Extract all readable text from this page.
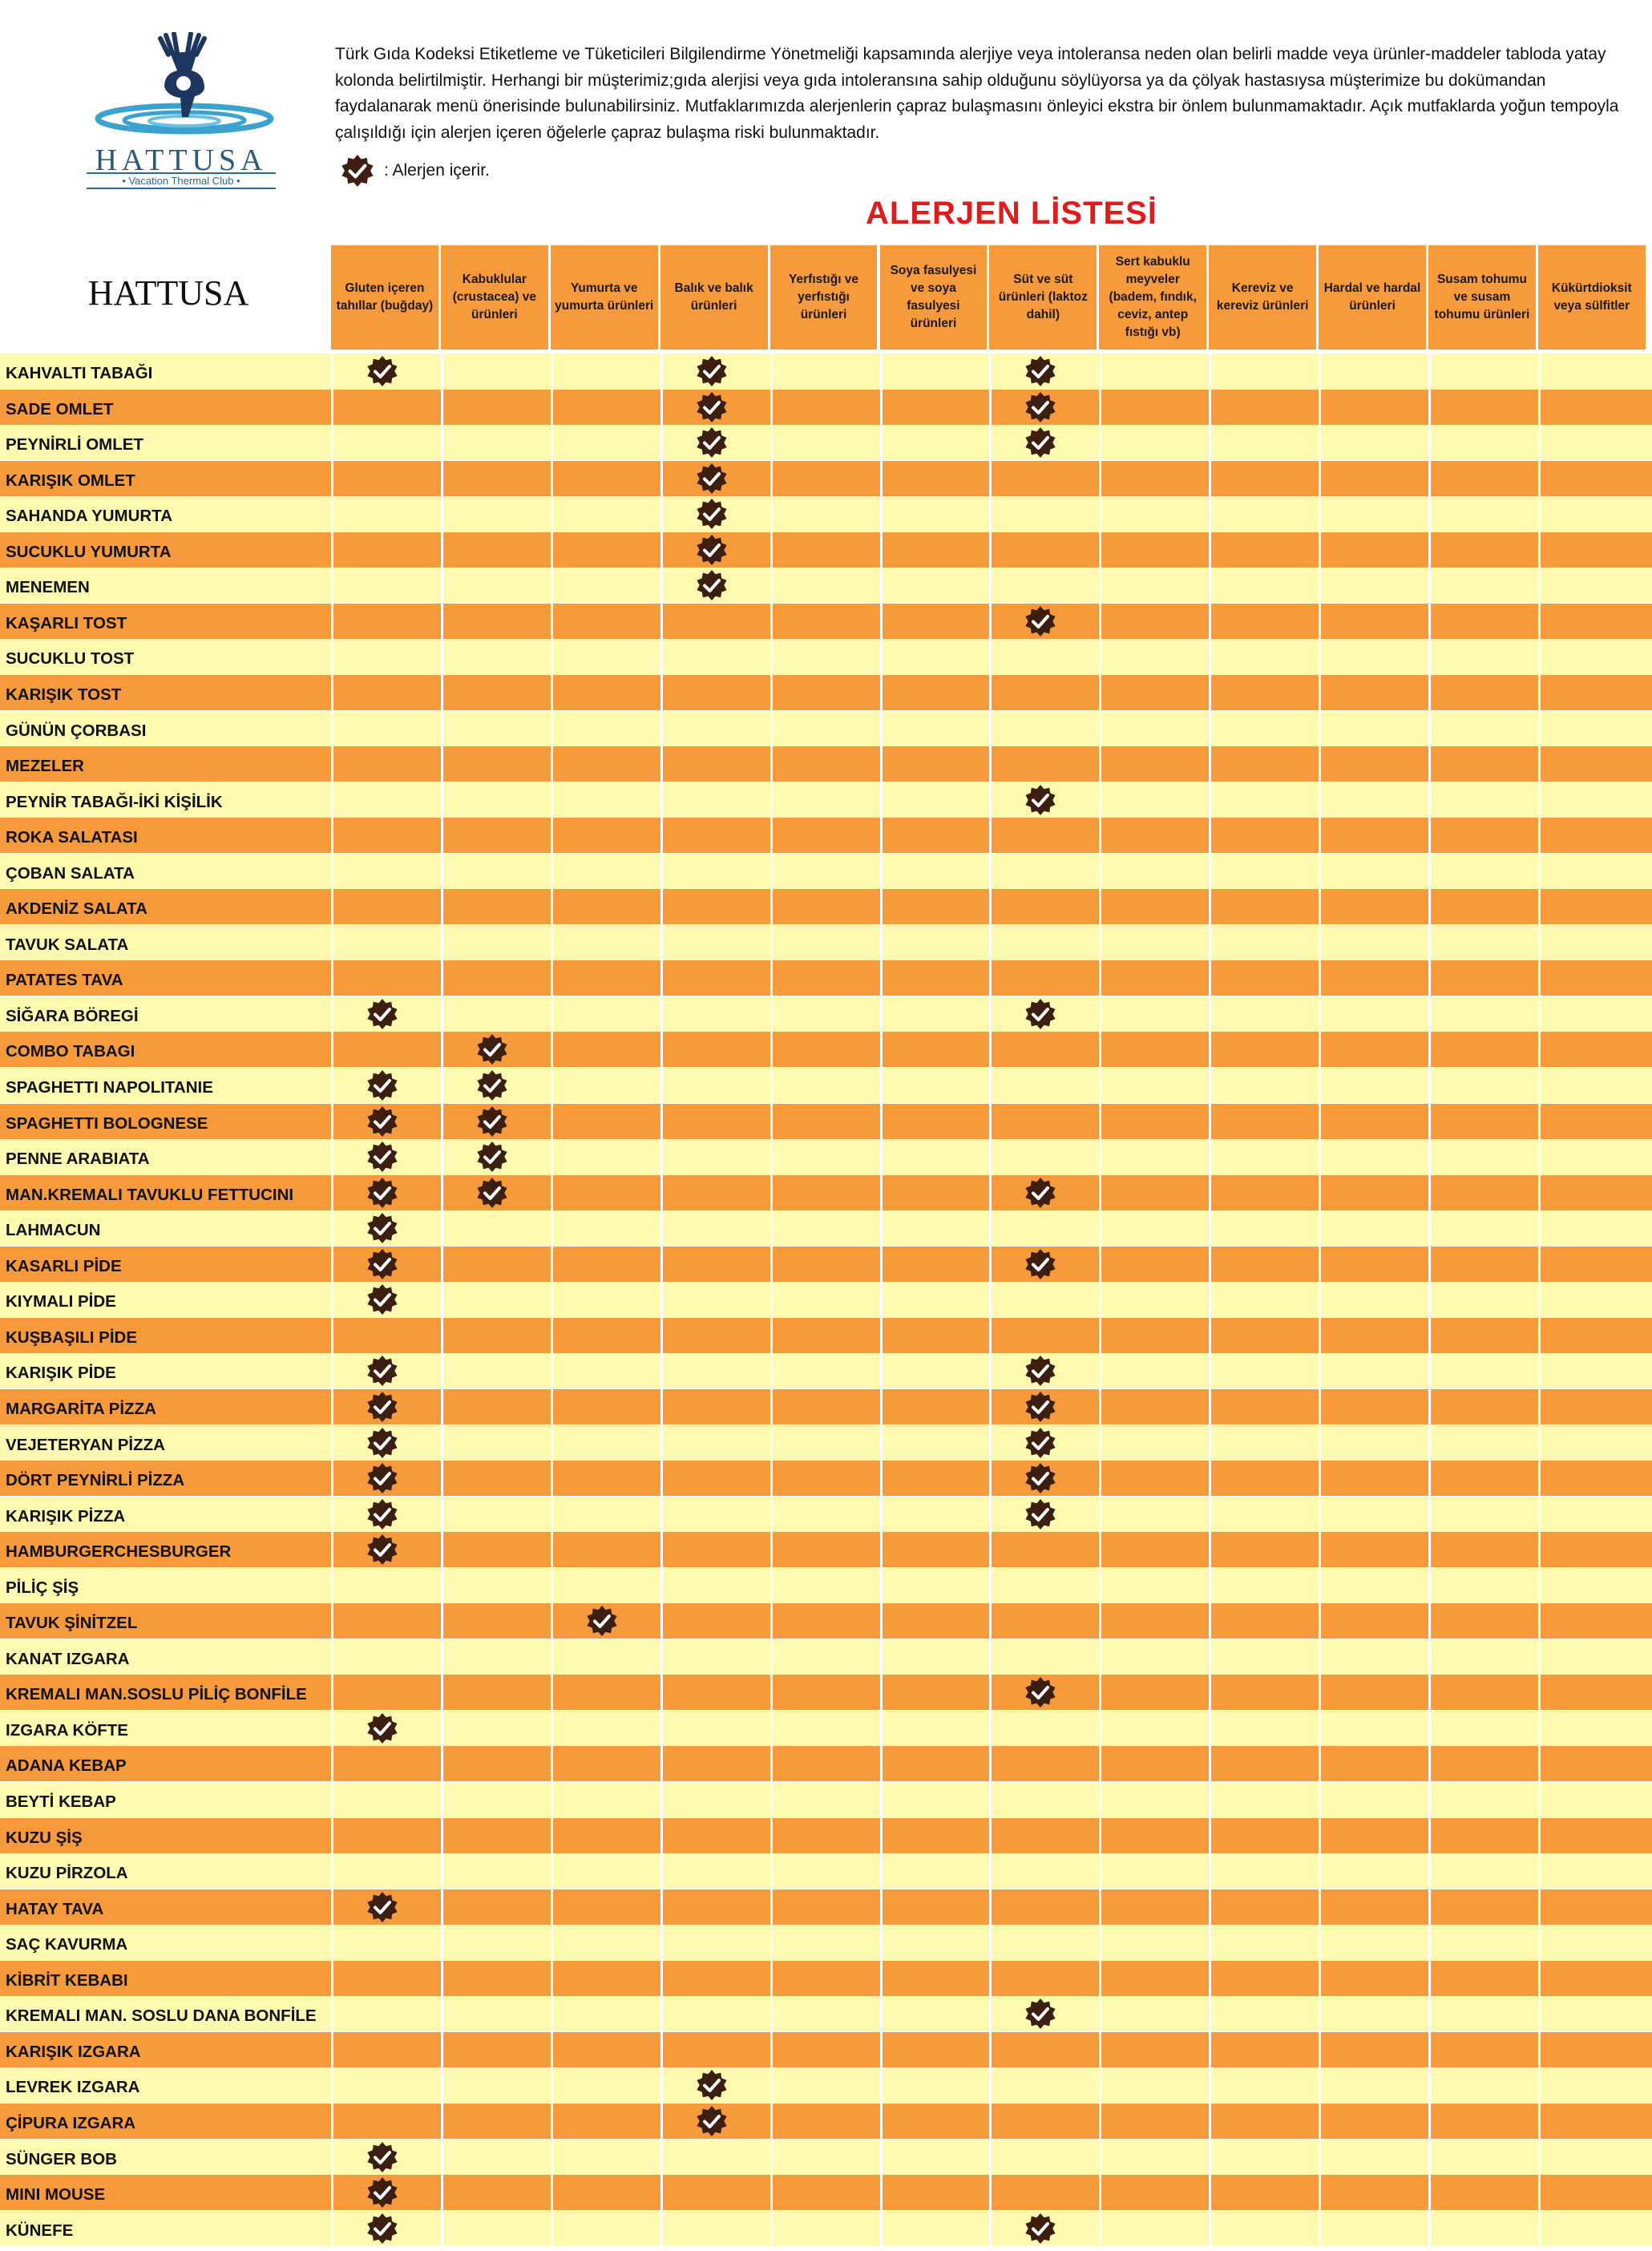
HATTUSA
• Vacation Thermal Club •
Türk Gıda Kodeksi Etiketleme ve Tüketicileri Bilgilendirme Yönetmeliği kapsamında alerjiye veya intoleransa neden olan belirli madde veya ürünler-maddeler tabloda yatay kolonda belirtilmiştir. Herhangi bir müşterimiz;gıda alerjisi veya gıda intoleransına sahip olduğunu söylüyorsa ya da çölyak hastasıysa müşterimize bu dokümandan faydalanarak menü önerisinde bulunabilirsiniz. Mutfaklarımızda alerjenlerin çapraz bulaşmasını önleyici ekstra bir önlem bulunmamaktadır. Açık mutfaklarda yoğun tempoyla çalışıldığı için alerjen içeren öğelerle çapraz bulaşma riski bulunmaktadır.
: Alerjen içerir.
ALERJEN LİSTESİ
HATTUSA	Gluten içeren tahıllar (buğday)
Kabuklular (crustacea) ve ürünleri
Yumurta ve yumurta ürünleri
Balık ve balık ürünleri
Yerfıstığı ve yerfıstığı ürünleri
Soya fasulyesi ve soya fasulyesi ürünleri
Süt ve süt ürünleri (laktoz dahil)
Sert kabuklu meyveler (badem, fındık, ceviz, antep fıstığı vb)
Kereviz ve kereviz ürünleri
Hardal ve hardal ürünleri
Susam tohumu ve susam tohumu ürünleri
Kükürtdioksit veya sülfitler
KAHVALTI TABAĞI
SADE OMLET
PEYNİRLİ OMLET
KARIŞIK OMLET
SAHANDA YUMURTA
SUCUKLU YUMURTA
MENEMEN
KAŞARLI TOST
SUCUKLU TOST
KARIŞIK TOST
GÜNÜN ÇORBASI
MEZELER
PEYNİR TABAĞI-İKİ KİŞİLİK
ROKA SALATASI
ÇOBAN SALATA
AKDENİZ SALATA
TAVUK SALATA
PATATES TAVA
SİĞARA BÖREGİ
COMBO TABAGI
SPAGHETTI NAPOLITANIE
SPAGHETTI BOLOGNESE
PENNE ARABIATA
MAN.KREMALI TAVUKLU FETTUCINI
LAHMACUN
KASARLI PİDE
KIYMALI PİDE
KUŞBAŞILI PİDE
KARIŞIK PİDE
MARGARİTA PİZZA
VEJETERYAN PİZZA
DÖRT PEYNİRLİ PİZZA
KARIŞIK PİZZA
HAMBURGERCHESBURGER
PİLİÇ ŞİŞ
TAVUK ŞİNİTZEL
KANAT IZGARA
KREMALI MAN.SOSLU PİLİÇ BONFİLE
IZGARA KÖFTE
ADANA KEBAP
BEYTİ KEBAP
KUZU ŞİŞ
KUZU PİRZOLA
HATAY TAVA
SAÇ KAVURMA
KİBRİT KEBABI
KREMALI MAN. SOSLU DANA BONFİLE
KARIŞIK IZGARA
LEVREK IZGARA
ÇİPURA IZGARA
SÜNGER BOB
MINI MOUSE
KÜNEFE
